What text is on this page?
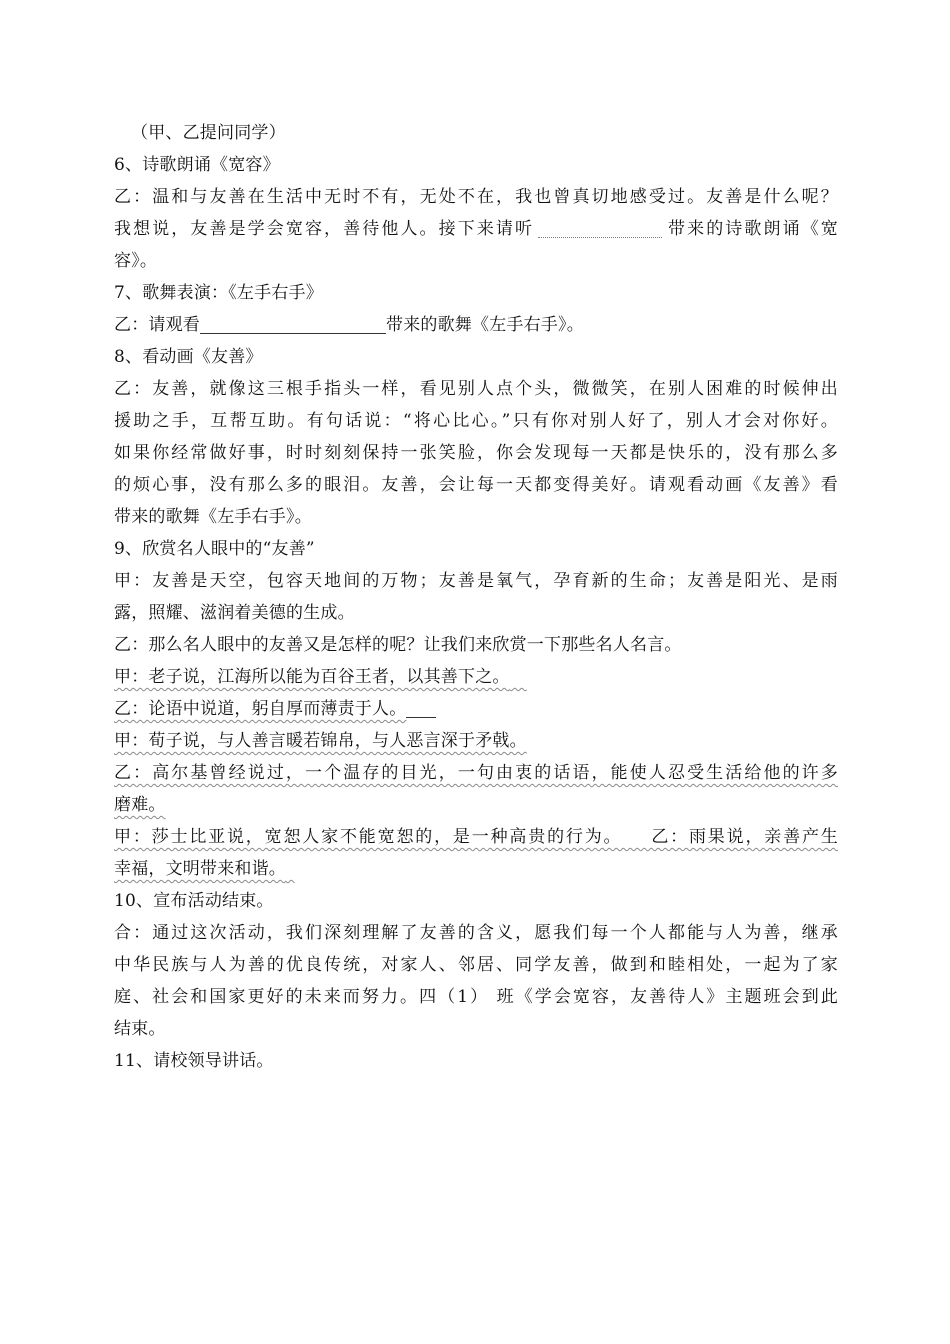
（甲、乙提问同学）
6、诗歌朗诵《宽容》
乙：温和与友善在生活中无时不有，无处不在，我也曾真切地感受过。友善是什么呢？
我想说，友善是学会宽容，善待他人。接下来请听	带来的诗歌朗诵《宽
容》。
7、歌舞表演：《左手右手》
乙：请观看	带来的歌舞《左手右手》。
8、看动画《友善》
乙：友善，就像这三根手指头一样，看见别人点个头，微微笑，在别人困难的时候伸出
援助之手，互帮互助。有句话说：“将心比心。”只有你对别人好了，别人才会对你好。
如果你经常做好事，时时刻刻保持一张笑脸，你会发现每一天都是快乐的，没有那么多
的烦心事，没有那么多的眼泪。友善，会让每一天都变得美好。请观看动画《友善》看
带来的歌舞《左手右手》。
9、欣赏名人眼中的“友善”
甲：友善是天空，包容天地间的万物；友善是氧气，孕育新的生命；友善是阳光、是雨
露，照耀、滋润着美德的生成。
乙：那么名人眼中的友善又是怎样的呢？让我们来欣赏一下那些名人名言。
甲：老子说，江海所以能为百谷王者，以其善下之。 
乙：论语中说道，躬自厚而薄责于人。
甲：荀子说，与人善言暖若锦帛，与人恶言深于矛戟。
乙：高尔基曾经说过，一个温存的目光，一句由衷的话语，能使人忍受生活给他的许多
磨难。
甲：莎士比亚说，宽恕人家不能宽恕的，是一种高贵的行为。    乙：雨果说，亲善产生
幸福，文明带来和谐。 
10、宣布活动结束。
合：通过这次活动，我们深刻理解了友善的含义，愿我们每一个人都能与人为善，继承
中华民族与人为善的优良传统，对家人、邻居、同学友善，做到和睦相处，一起为了家
庭、社会和国家更好的未来而努力。四（1） 班《学会宽容，友善待人》主题班会到此
结束。
11、请校领导讲话。
